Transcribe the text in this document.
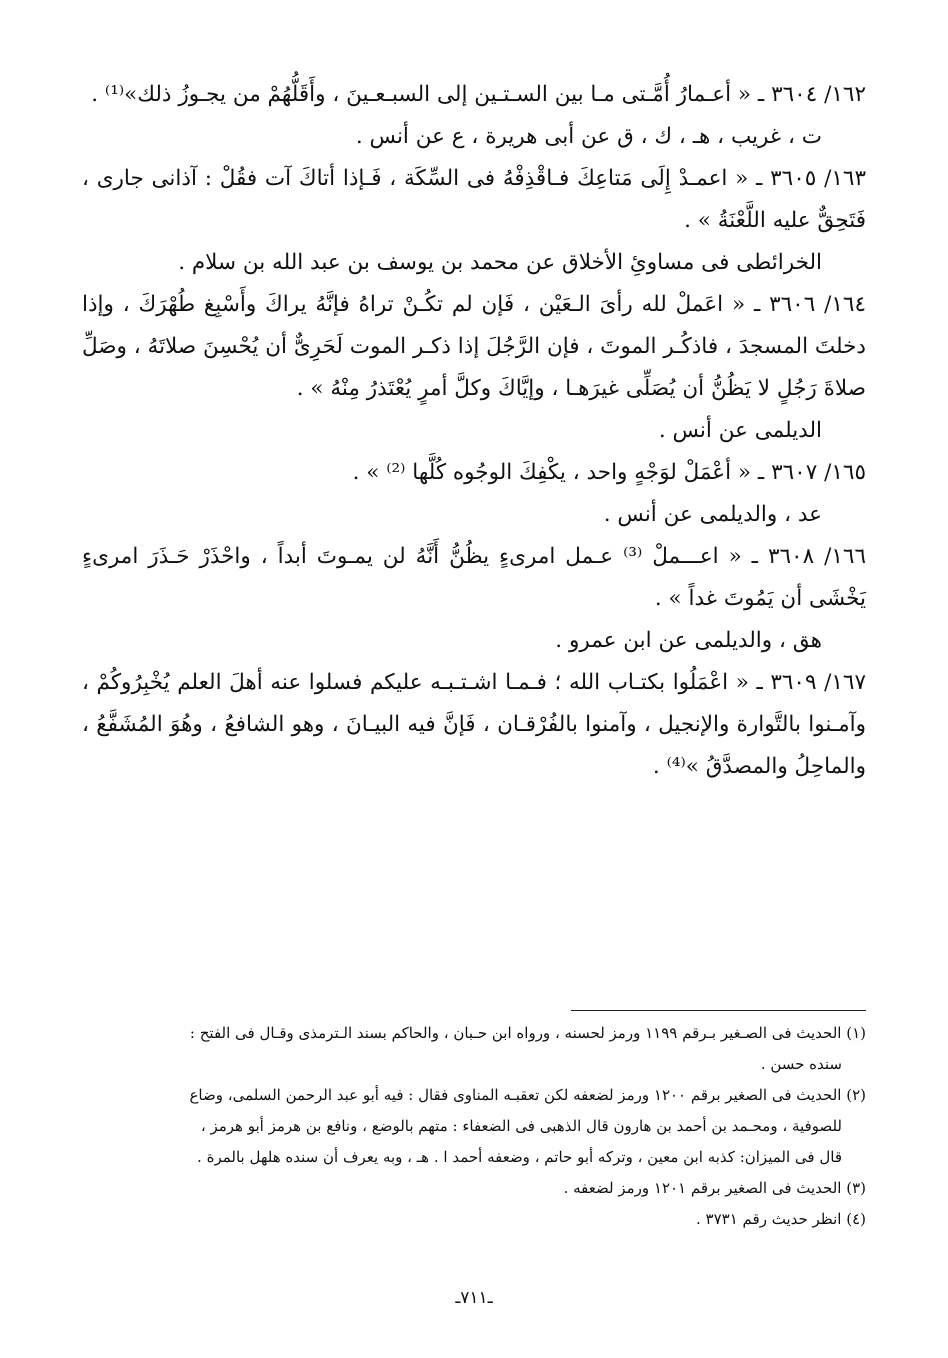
١٦٢/ ٣٦٠٤ ـ « أعـمارُ أُمَّـتى مـا بين السـتـين إلى السبـعـينَ ، وأَقَلُّهُمْ من يجـوزُ ذلك»⁽¹⁾ .

ت ، غريب ، هـ ، ك ، ق عن أبى هريرة ، ع عن أنس .

١٦٣/ ٣٦٠٥ ـ « اعمـدْ إِلَى مَتاعِكَ فـاقْذِفْهُ فى السِّكَة ، فَـإذا أتاكَ آت فقُلْ : آذانى جارى ، فَتَحِقٌّ عليه اللَّعْنَةُ » .

الخرائطى فى مساوئِ الأخلاق عن محمد بن يوسف بن عبد الله بن سلام .

١٦٤/ ٣٦٠٦ ـ « اعَملْ لله رأىَ الـعَيْن ، فَإن لم تكُـنْ تراهُ فإنَّهُ يراكَ وأَسْبِغ طُهْرَكَ ، وإذا دخلتَ المسجدَ ، فاذكُـر الموتَ ، فإن الرَّجُلَ إذا ذكـر الموت لَحَرِىٌّ أن يُحْسِنَ صلاتَهُ ، وصَلِّ صلاةَ رَجُلٍ لا يَظُنُّ أن يُصَلِّى غيرَهـا ، وإيَّاكَ وكلَّ أمرٍ يُعْتَذرُ مِنْهُ » .

الديلمى عن أنس .

١٦٥/ ٣٦٠٧ ـ « أعْمَلْ لوَجْهٍ واحد ، يكْفِكَ الوجُوه كُلَّها ⁽²⁾ » .

عد ، والديلمى عن أنس .

١٦٦/ ٣٦٠٨ ـ « اعـــملْ ⁽³⁾ عـمل امرىءٍ يظُنُّ أَنَّهُ لن يمـوتَ أبداً ، واحْذَرْ حَـذَرَ امرىءٍ يَخْشَى أن يَمُوتَ غداً » .

هق ، والديلمى عن ابن عمرو .

١٦٧/ ٣٦٠٩ ـ « اعْمَلُوا بكتـاب الله ؛ فـمـا اشـتـبـه عليكم فسلوا عنه أهلَ العلم يُخْبِرُوكُمْ ، وآمـنوا بالتَّوارة والإنجيل ، وآمنوا بالفُرْقـان ، فَإنَّ فيه البيـانَ ، وهو الشافعُ ، وهُوَ المُشَفَّعُ ، والماحِلُ والمصدَّقُ »⁽⁴⁾ .

(١) الحديث فى الصـغير بـرقم ١١٩٩ ورمز لحسنه ، ورواه ابن حـبان ، والحاكم بسند الـترمذى وقـال فى الفتح :

سنده حسن .

(٢) الحديث فى الصغير برقم ١٢٠٠ ورمز لضعفه لكن تعقبـه المناوى فقال : فيه أبو عبد الرحمن السلمى، وضاع

للصوفية ، ومحـمد بن أحمد بن هارون قال الذهبى فى الضعفاء : متهم بالوضع ، ونافع بن هرمز أبو هرمز ،

قال فى الميزان: كذبه ابن معين ، وتركه أبو حاتم ، وضعفه أحمد ا . هـ ، وبه يعرف أن سنده هلهل بالمرة .

(٣) الحديث فى الصغير برقم ١٢٠١ ورمز لضعفه .

(٤) انظر حديث رقم ٣٧٣١ .

ـ٧١١ـ
